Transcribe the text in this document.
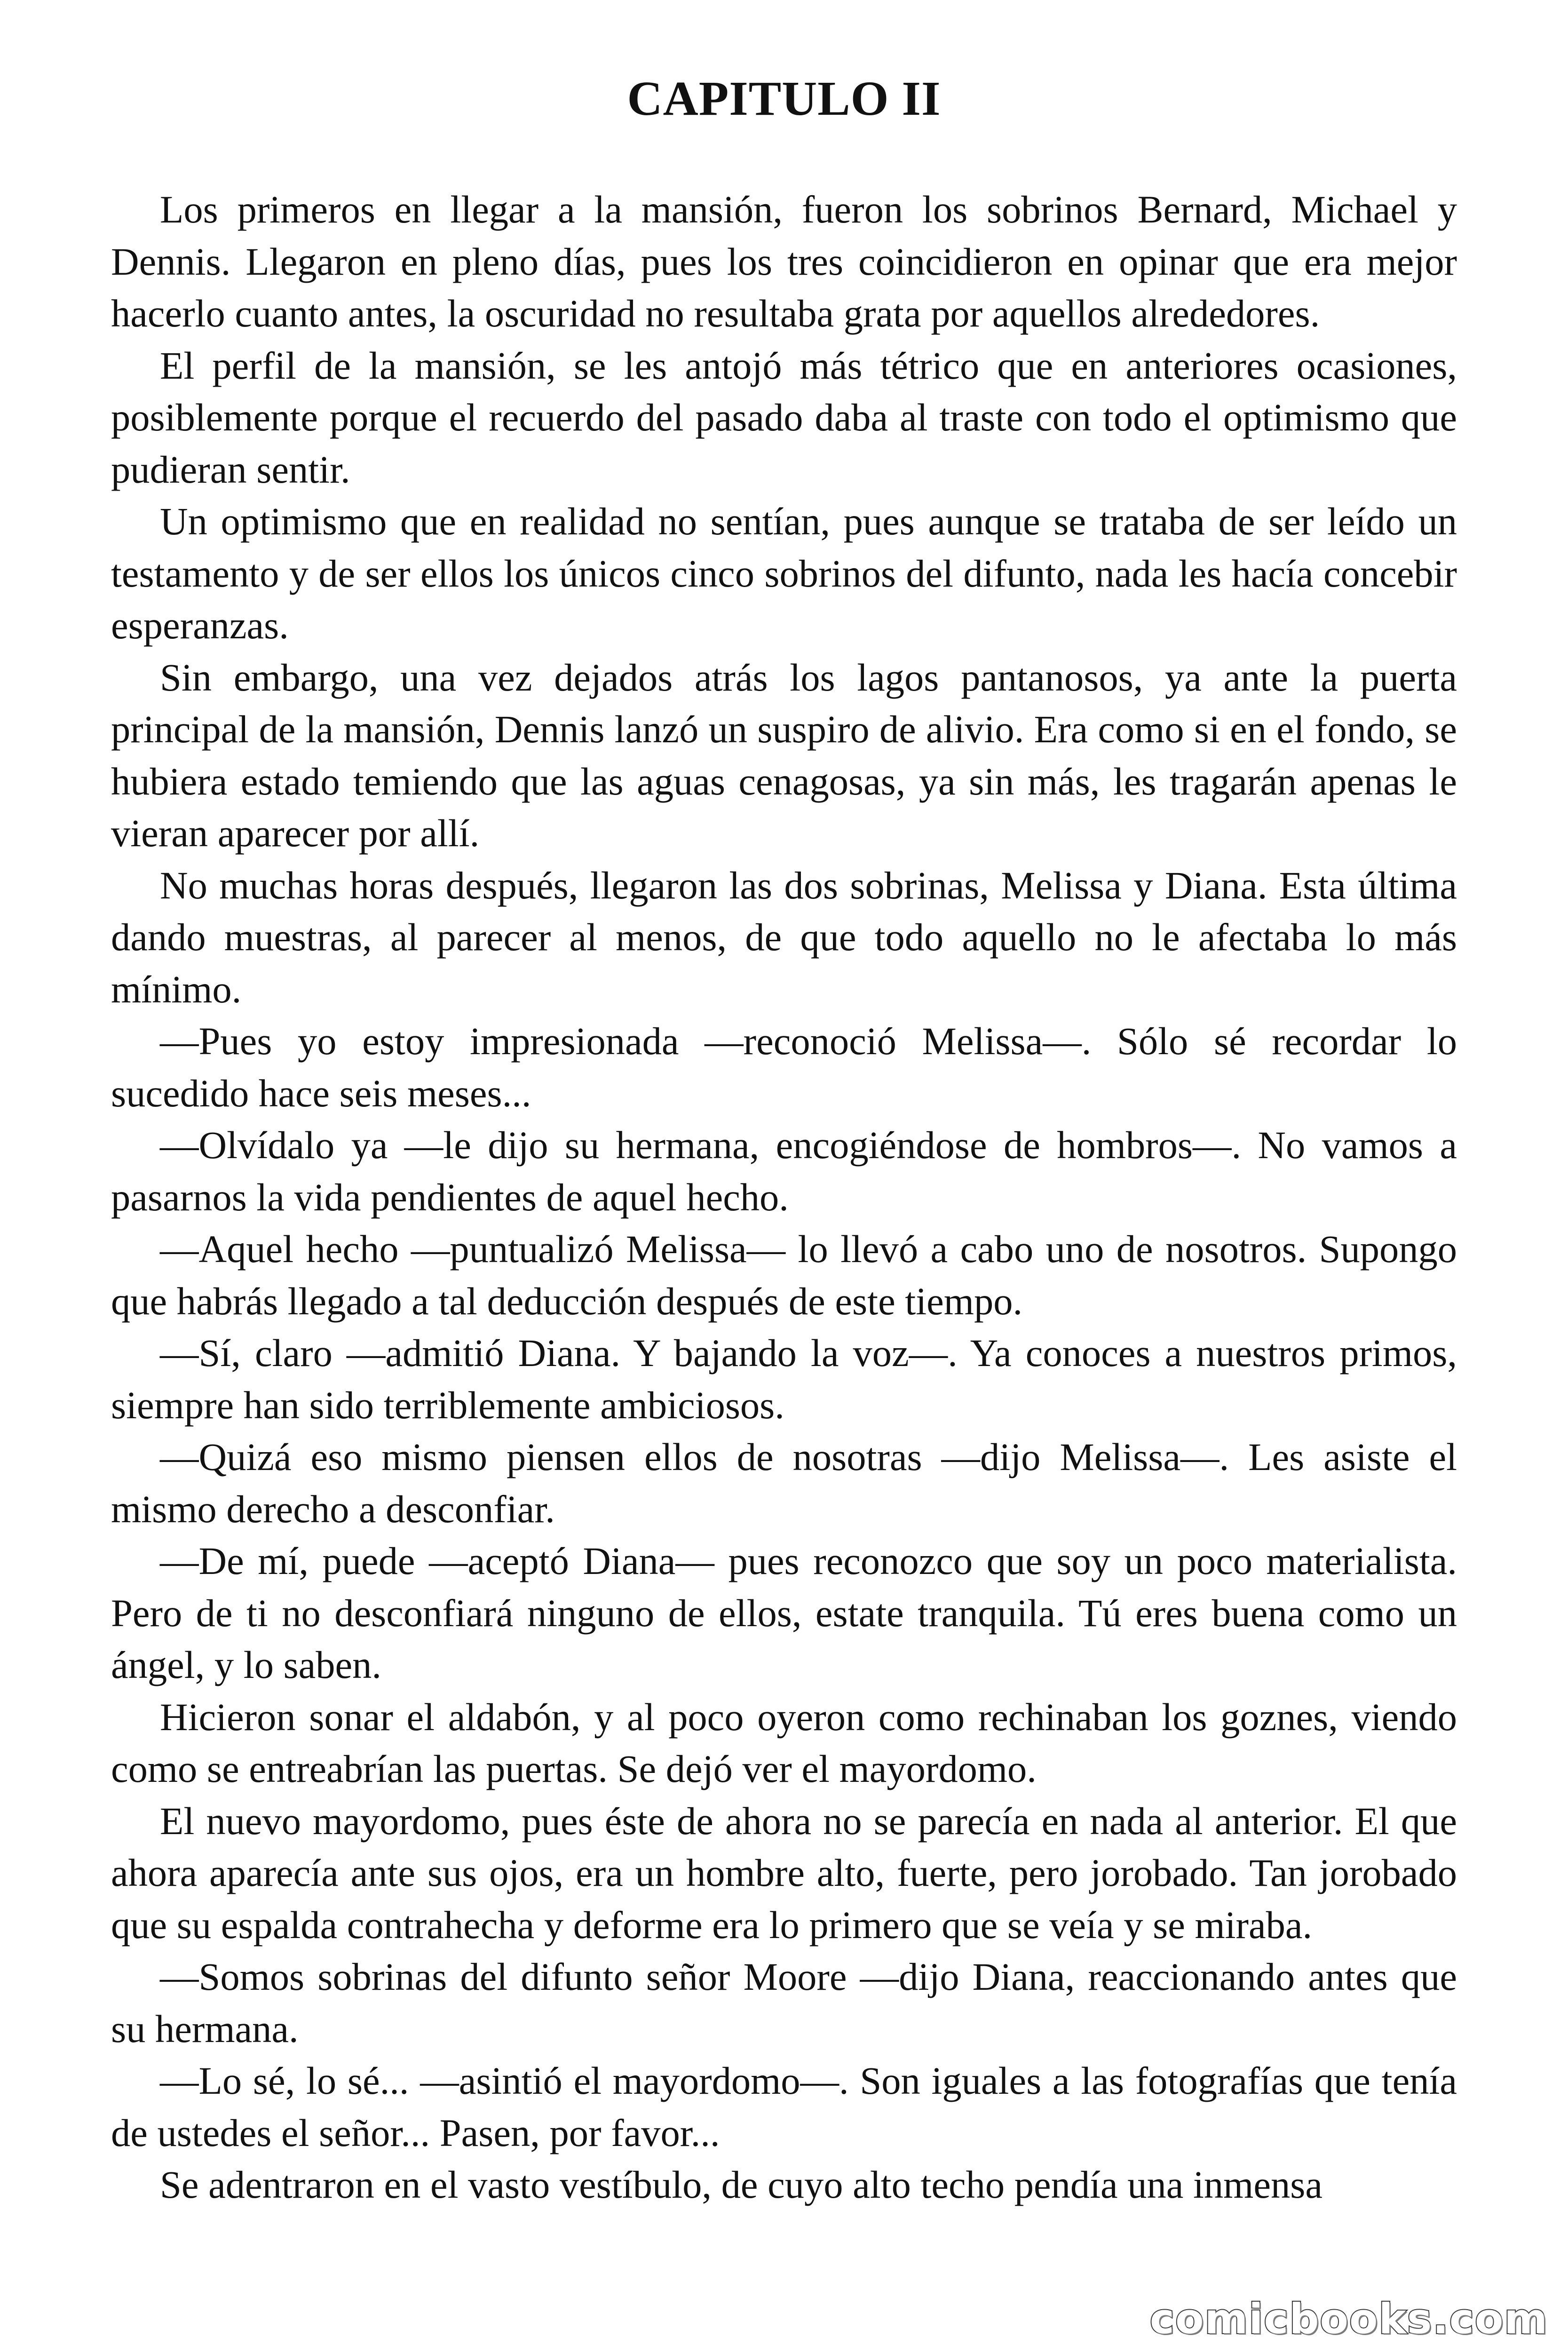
CAPITULO II

Los primeros en llegar a la mansión, fueron los sobrinos Bernard, Michael y Dennis. Llegaron en pleno días, pues los tres coincidieron en opinar que era mejor hacerlo cuanto antes, la oscuridad no resultaba grata por aquellos alrededores.

El perfil de la mansión, se les antojó más tétrico que en anteriores ocasiones, posiblemente porque el recuerdo del pasado daba al traste con todo el optimismo que pudieran sentir.

Un optimismo que en realidad no sentían, pues aunque se trataba de ser leído un testamento y de ser ellos los únicos cinco sobrinos del difunto, nada les hacía concebir esperanzas.

Sin embargo, una vez dejados atrás los lagos pantanosos, ya ante la puerta principal de la mansión, Dennis lanzó un suspiro de alivio. Era como si en el fondo, se hubiera estado temiendo que las aguas cenagosas, ya sin más, les tragarán apenas le vieran aparecer por allí.

No muchas horas después, llegaron las dos sobrinas, Melissa y Diana. Esta última dando muestras, al parecer al menos, de que todo aquello no le afectaba lo más mínimo.

—Pues yo estoy impresionada —reconoció Melissa—. Sólo sé recordar lo sucedido hace seis meses...

—Olvídalo ya —le dijo su hermana, encogiéndose de hombros—. No vamos a pasarnos la vida pendientes de aquel hecho.

—Aquel hecho —puntualizó Melissa— lo llevó a cabo uno de nosotros. Supongo que habrás llegado a tal deducción después de este tiempo.

—Sí, claro —admitió Diana. Y bajando la voz—. Ya conoces a nuestros primos, siempre han sido terriblemente ambiciosos.

—Quizá eso mismo piensen ellos de nosotras —dijo Melissa—. Les asiste el mismo derecho a desconfiar.

—De mí, puede —aceptó Diana— pues reconozco que soy un poco materialista. Pero de ti no desconfiará ninguno de ellos, estate tranquila. Tú eres buena como un ángel, y lo saben.

Hicieron sonar el aldabón, y al poco oyeron como rechinaban los goznes, viendo como se entreabrían las puertas. Se dejó ver el mayordomo.

El nuevo mayordomo, pues éste de ahora no se parecía en nada al anterior. El que ahora aparecía ante sus ojos, era un hombre alto, fuerte, pero jorobado. Tan jorobado que su espalda contrahecha y deforme era lo primero que se veía y se miraba.

—Somos sobrinas del difunto señor Moore —dijo Diana, reaccionando antes que su hermana.

—Lo sé, lo sé... —asintió el mayordomo—. Son iguales a las fotografías que tenía de ustedes el señor... Pasen, por favor...

Se adentraron en el vasto vestíbulo, de cuyo alto techo pendía una inmensa

comicbooks.com
